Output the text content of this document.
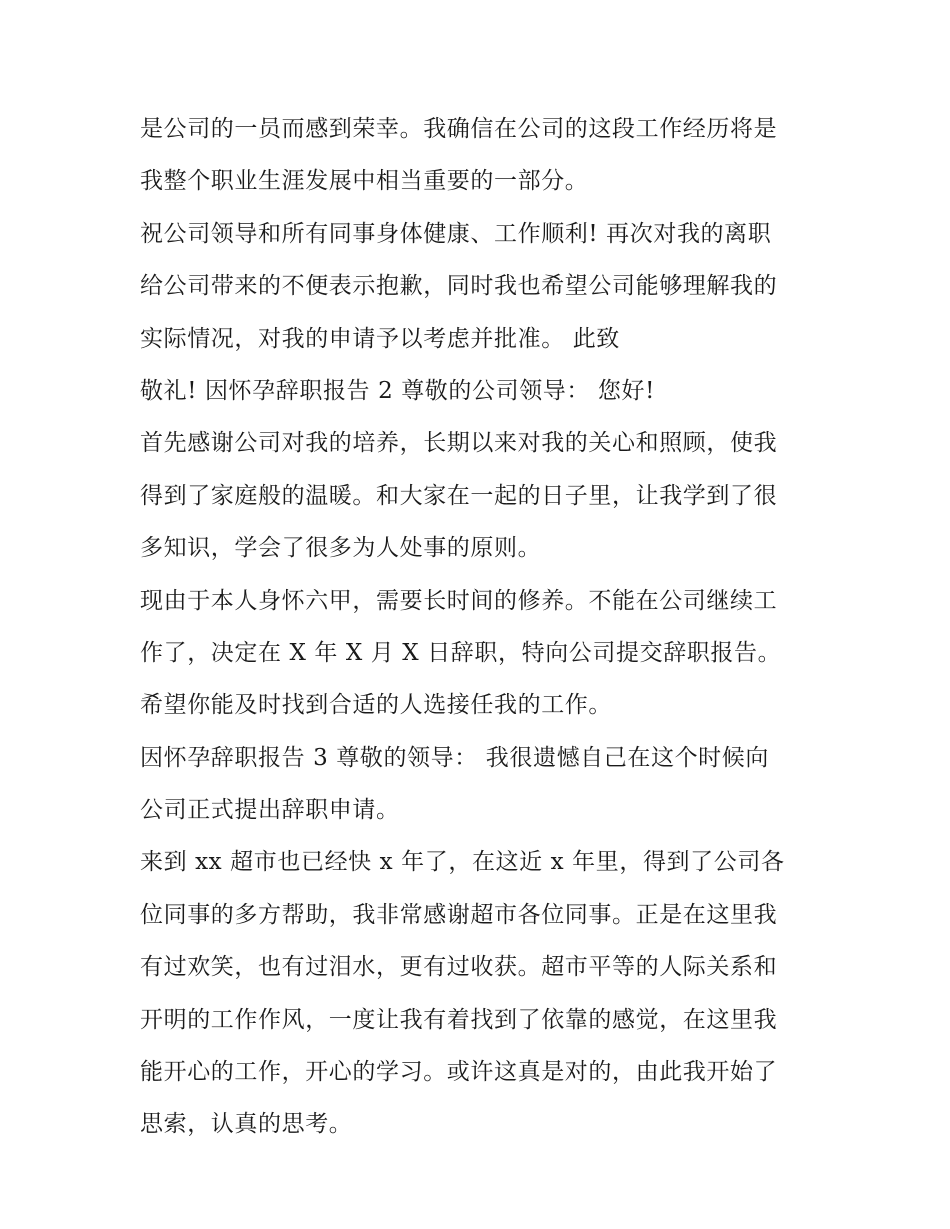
是公司的一员而感到荣幸。我确信在公司的这段工作经历将是
我整个职业生涯发展中相当重要的一部分。
祝公司领导和所有同事身体健康、工作顺利! 再次对我的离职
给公司带来的不便表示抱歉，同时我也希望公司能够理解我的
实际情况，对我的申请予以考虑并批准。 此致
敬礼! 因怀孕辞职报告 2 尊敬的公司领导： 您好!
首先感谢公司对我的培养，长期以来对我的关心和照顾，使我
得到了家庭般的温暖。和大家在一起的日子里，让我学到了很
多知识，学会了很多为人处事的原则。
现由于本人身怀六甲，需要长时间的修养。不能在公司继续工
作了，决定在 X 年 X 月 X 日辞职，特向公司提交辞职报告。
希望你能及时找到合适的人选接任我的工作。
因怀孕辞职报告 3 尊敬的领导： 我很遗憾自己在这个时候向
公司正式提出辞职申请。
来到 xx 超市也已经快 x 年了，在这近 x 年里，得到了公司各
位同事的多方帮助，我非常感谢超市各位同事。正是在这里我
有过欢笑，也有过泪水，更有过收获。超市平等的人际关系和
开明的工作作风，一度让我有着找到了依靠的感觉，在这里我
能开心的工作，开心的学习。或许这真是对的，由此我开始了
思索，认真的思考。
